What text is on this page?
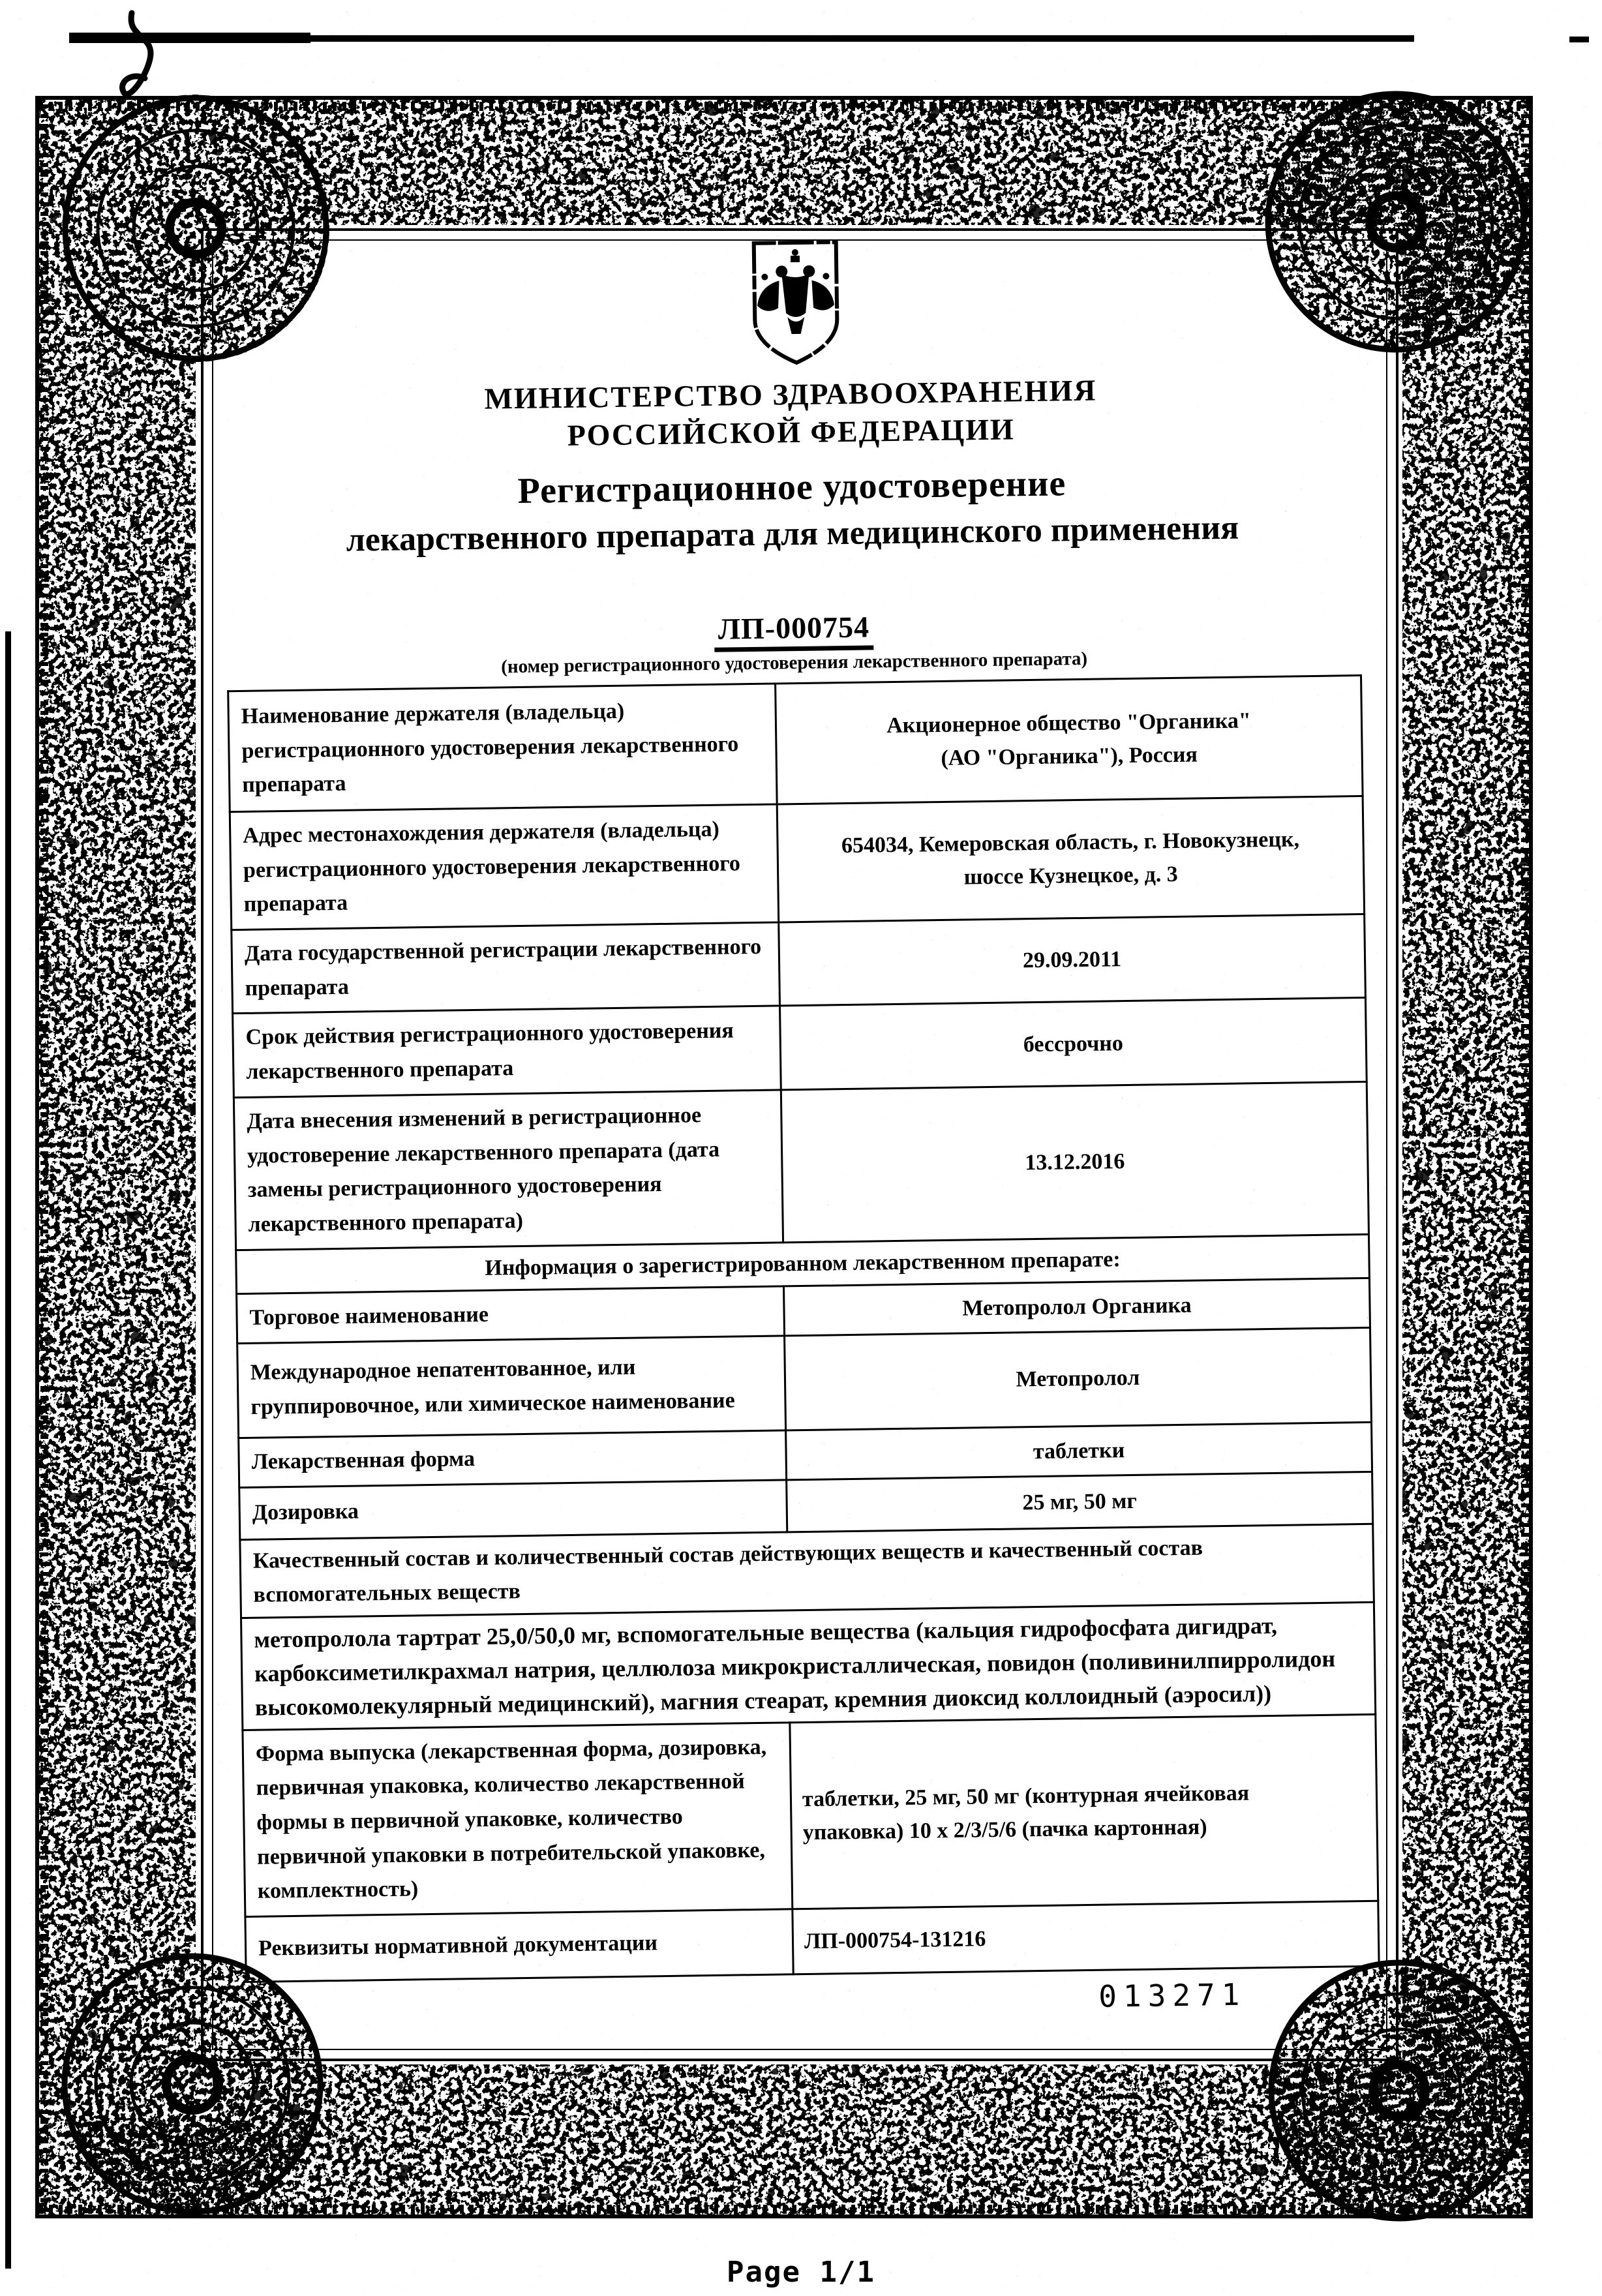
МИНИСТЕРСТВО ЗДРАВООХРАНЕНИЯ
РОССИЙСКОЙ ФЕДЕРАЦИИ
Регистрационное удостоверение
лекарственного препарата для медицинского применения
ЛП-000754
(номер регистрационного удостоверения лекарственного препарата)
Наименование держателя (владельца) регистрационного удостоверения лекарственного препарата	Акционерное общество "Органика"
(АО "Органика"), Россия
Адрес местонахождения держателя (владельца) регистрационного удостоверения лекарственного препарата	654034, Кемеровская область, г. Новокузнецк,
шоссе Кузнецкое, д. 3
Дата государственной регистрации лекарственного препарата	29.09.2011
Срок действия регистрационного удостоверения лекарственного препарата	бессрочно
Дата внесения изменений в регистрационное удостоверение лекарственного препарата (дата замены регистрационного удостоверения лекарственного препарата)	13.12.2016
Информация о зарегистрированном лекарственном препарате:	
Торговое наименование	Метопролол Органика
Международное непатентованное, или группировочное, или химическое наименование	Метопролол
Лекарственная форма	таблетки
Дозировка	25 мг, 50 мг
Качественный состав и количественный состав действующих веществ и качественный состав вспомогательных веществ	
метопролола тартрат 25,0/50,0 мг, вспомогательные вещества (кальция гидрофосфата дигидрат, карбоксиметилкрахмал натрия, целлюлоза микрокристаллическая, повидон (поливинилпирролидон высокомолекулярный медицинский), магния стеарат, кремния диоксид коллоидный (аэросил))	
Форма выпуска (лекарственная форма, дозировка, первичная упаковка, количество лекарственной формы в первичной упаковке, количество первичной упаковки в потребительской упаковке, комплектность)	таблетки, 25 мг, 50 мг (контурная ячейковая
упаковка) 10 х 2/3/5/6 (пачка картонная)
Реквизиты нормативной документации	ЛП-000754-131216
013271
Page 1/1
